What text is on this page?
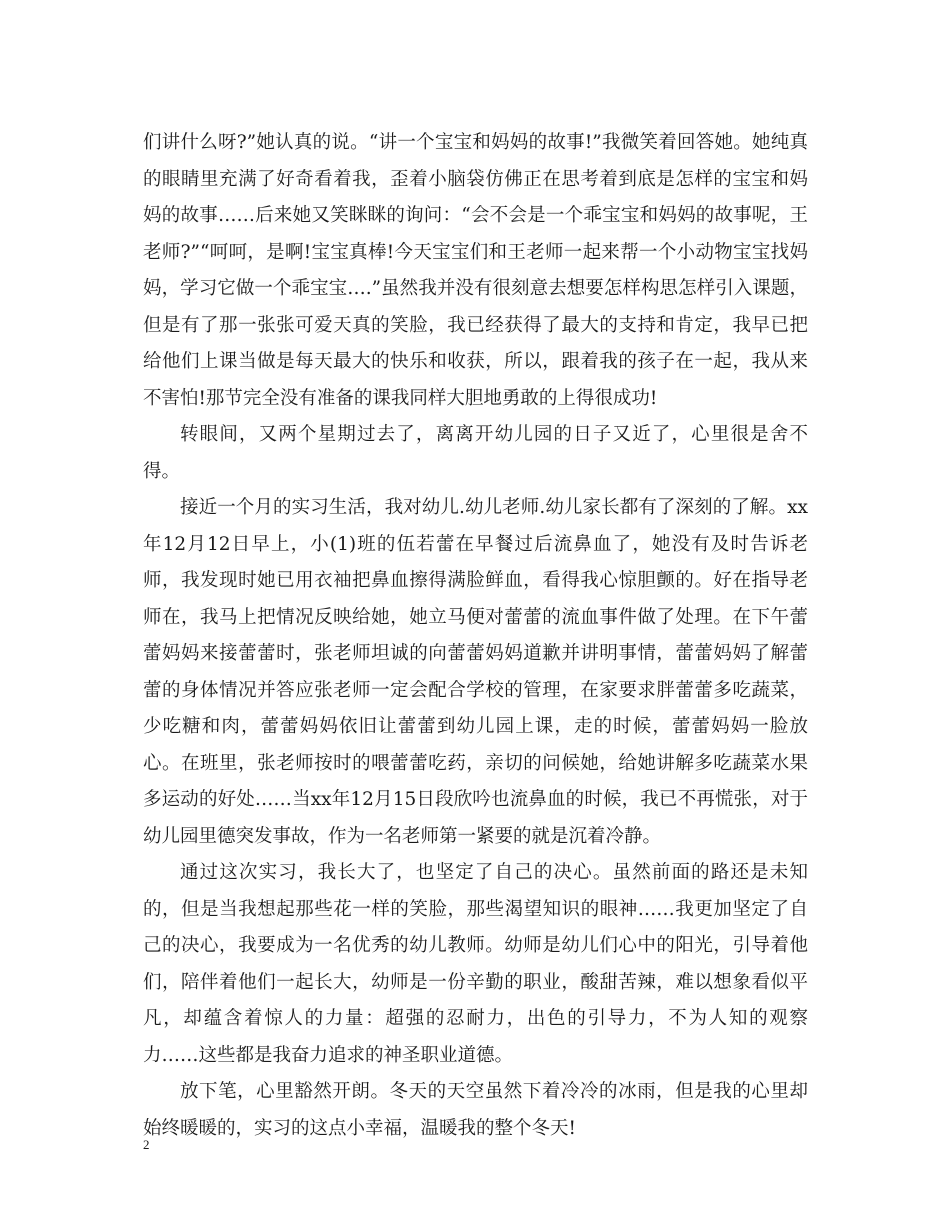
们讲什么呀?”她认真的说。“讲一个宝宝和妈妈的故事!”我微笑着回答她。她纯真的眼睛里充满了好奇看着我，歪着小脑袋仿佛正在思考着到底是怎样的宝宝和妈妈的故事……后来她又笑眯眯的询问：“会不会是一个乖宝宝和妈妈的故事呢，王老师?”“呵呵，是啊!宝宝真棒!今天宝宝们和王老师一起来帮一个小动物宝宝找妈妈，学习它做一个乖宝宝….”虽然我并没有很刻意去想要怎样构思怎样引入课题，但是有了那一张张可爱天真的笑脸，我已经获得了最大的支持和肯定，我早已把给他们上课当做是每天最大的快乐和收获，所以，跟着我的孩子在一起，我从来不害怕!那节完全没有准备的课我同样大胆地勇敢的上得很成功!

转眼间，又两个星期过去了，离离开幼儿园的日子又近了，心里很是舍不得。

接近一个月的实习生活，我对幼儿.幼儿老师.幼儿家长都有了深刻的了解。xx年12月12日早上，小(1)班的伍若蕾在早餐过后流鼻血了，她没有及时告诉老师，我发现时她已用衣袖把鼻血擦得满脸鲜血，看得我心惊胆颤的。好在指导老师在，我马上把情况反映给她，她立马便对蕾蕾的流血事件做了处理。在下午蕾蕾妈妈来接蕾蕾时，张老师坦诚的向蕾蕾妈妈道歉并讲明事情，蕾蕾妈妈了解蕾蕾的身体情况并答应张老师一定会配合学校的管理，在家要求胖蕾蕾多吃蔬菜，少吃糖和肉，蕾蕾妈妈依旧让蕾蕾到幼儿园上课，走的时候，蕾蕾妈妈一脸放心。在班里，张老师按时的喂蕾蕾吃药，亲切的问候她，给她讲解多吃蔬菜水果多运动的好处……当xx年12月15日段欣吟也流鼻血的时候，我已不再慌张，对于幼儿园里德突发事故，作为一名老师第一紧要的就是沉着冷静。

通过这次实习，我长大了，也坚定了自己的决心。虽然前面的路还是未知的，但是当我想起那些花一样的笑脸，那些渴望知识的眼神……我更加坚定了自己的决心，我要成为一名优秀的幼儿教师。幼师是幼儿们心中的阳光，引导着他们，陪伴着他们一起长大，幼师是一份辛勤的职业，酸甜苦辣，难以想象看似平凡，却蕴含着惊人的力量：超强的忍耐力，出色的引导力，不为人知的观察力……这些都是我奋力追求的神圣职业道德。

放下笔，心里豁然开朗。冬天的天空虽然下着冷冷的冰雨，但是我的心里却始终暖暖的，实习的这点小幸福，温暖我的整个冬天!

2
